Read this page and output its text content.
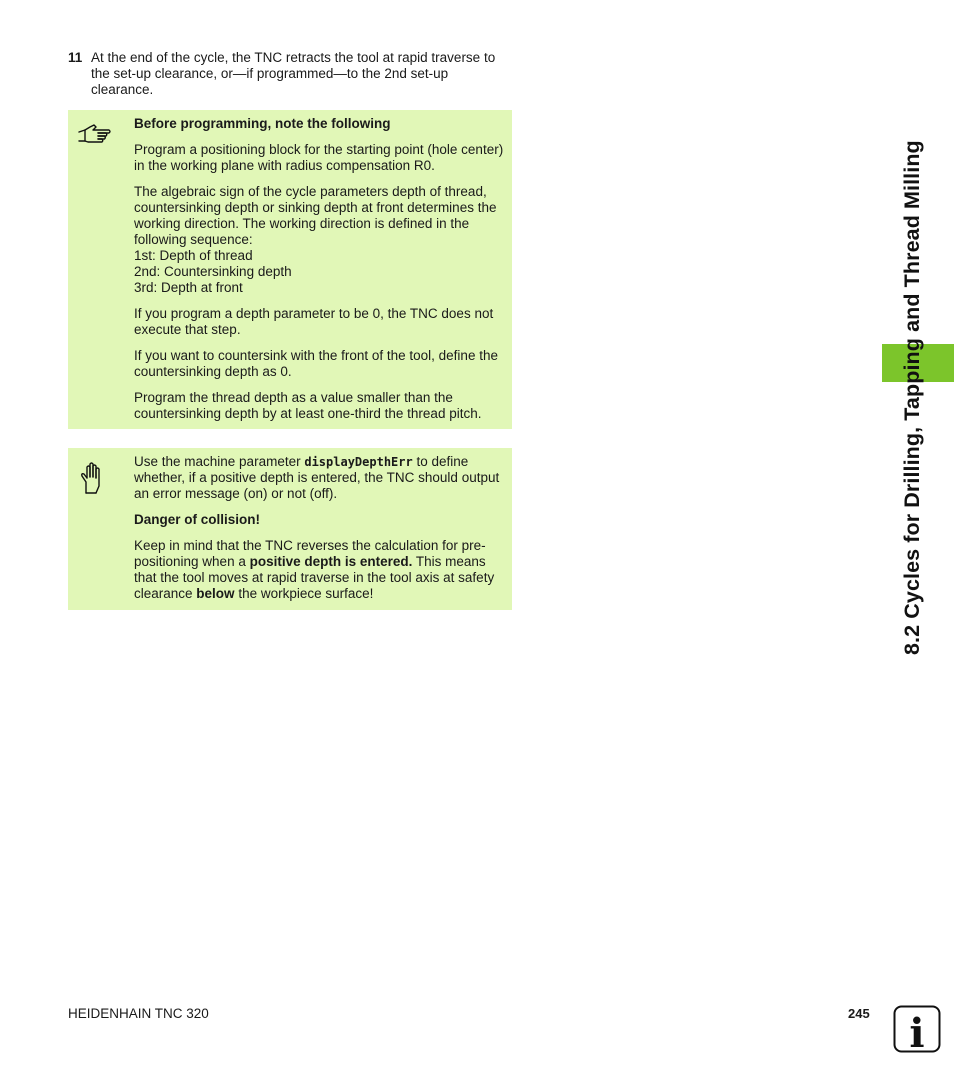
11 At the end of the cycle, the TNC retracts the tool at rapid traverse to the set-up clearance, or—if programmed—to the 2nd set-up clearance.

Before programming, note the following

Program a positioning block for the starting point (hole center) in the working plane with radius compensation R0.

The algebraic sign of the cycle parameters depth of thread, countersinking depth or sinking depth at front determines the working direction. The working direction is defined in the following sequence:
1st: Depth of thread
2nd: Countersinking depth
3rd: Depth at front

If you program a depth parameter to be 0, the TNC does not execute that step.

If you want to countersink with the front of the tool, define the countersinking depth as 0.

Program the thread depth as a value smaller than the countersinking depth by at least one-third the thread pitch.

Use the machine parameter displayDepthErr to define whether, if a positive depth is entered, the TNC should output an error message (on) or not (off).

Danger of collision!

Keep in mind that the TNC reverses the calculation for pre-positioning when a positive depth is entered. This means that the tool moves at rapid traverse in the tool axis at safety clearance below the workpiece surface!	8.2 Cycles for Drilling, Tapping and Thread Milling
HEIDENHAIN TNC 320	245 i
